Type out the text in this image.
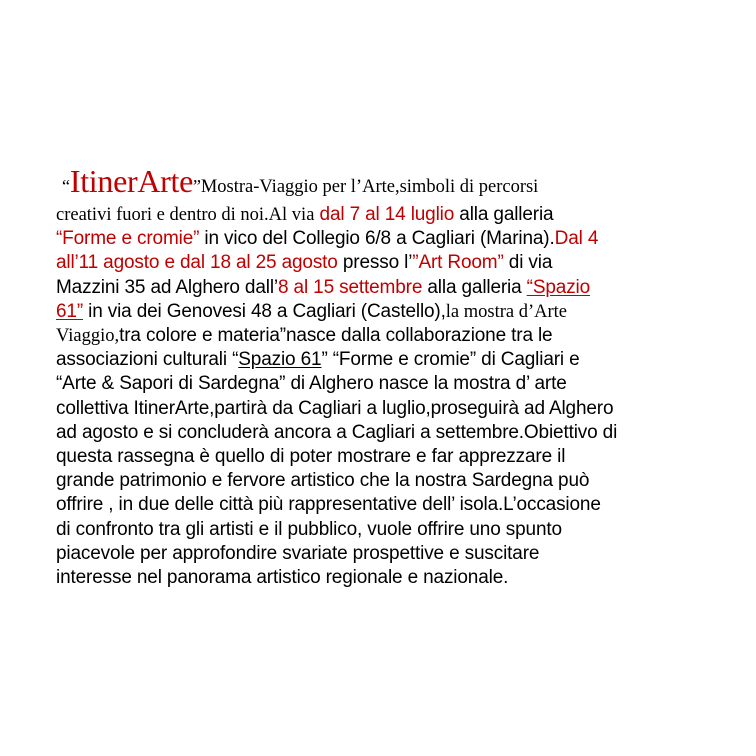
“ItinerArte”Mostra-Viaggio per l’Arte,simboli di percorsi
creativi fuori e dentro di noi.Al via dal 7 al 14 luglio alla galleria
“Forme e cromie” in vico del Collegio 6/8 a Cagliari (Marina).Dal 4
all’11 agosto e dal 18 al 25 agosto presso l’”Art Room” di via
Mazzini 35 ad Alghero dall’8 al 15 settembre alla galleria “Spazio
61” in via dei Genovesi 48 a Cagliari (Castello),la mostra d’Arte
Viaggio,tra colore e materia”nasce dalla collaborazione tra le
associazioni culturali “Spazio 61” “Forme e cromie” di Cagliari e
“Arte & Sapori di Sardegna” di Alghero nasce la mostra d’ arte
collettiva ItinerArte,partirà da Cagliari a luglio,proseguirà ad Alghero
ad agosto e si concluderà ancora a Cagliari a settembre.Obiettivo di
questa rassegna è quello di poter mostrare e far apprezzare il
grande patrimonio e fervore artistico che la nostra Sardegna può
offrire , in due delle città più rappresentative dell’ isola.L’occasione
di confronto tra gli artisti e il pubblico, vuole offrire uno spunto
piacevole per approfondire svariate prospettive e suscitare
interesse nel panorama artistico regionale e nazionale.
